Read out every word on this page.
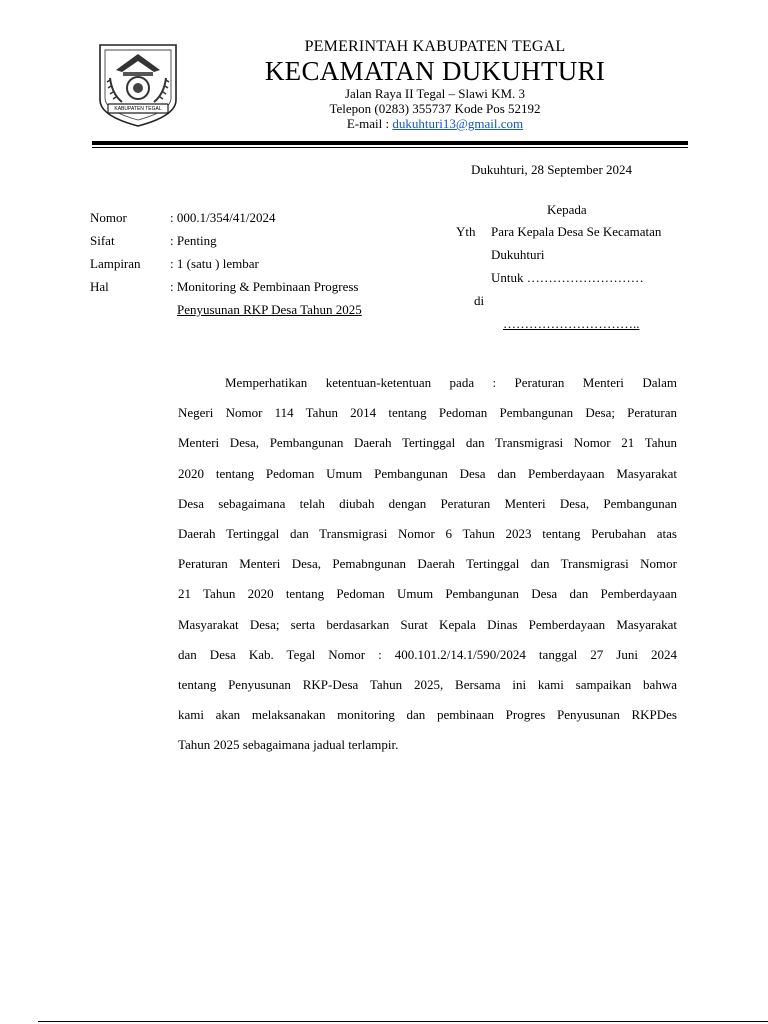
KABUPATEN TEGAL
PEMERINTAH KABUPATEN TEGAL
KECAMATAN DUKUHTURI
Jalan Raya II Tegal – Slawi KM. 3
Telepon (0283) 355737 Kode Pos 52192
E-mail : dukuhturi13@gmail.com
Dukuhturi, 28 September 2024
Nomor	: 000.1/354/41/2024
Sifat	: Penting
Lampiran : 1 (satu ) lembar
Hal	: Monitoring & Pembinaan Progress
Penyusunan RKP Desa Tahun 2025
Kepada
Yth Para Kepala Desa Se Kecamatan
Dukuhturi
Untuk ………………………
di
…………………………..
Memperhatikan ketentuan-ketentuan pada : Peraturan Menteri Dalam
Negeri Nomor 114 Tahun 2014 tentang Pedoman Pembangunan Desa; Peraturan
Menteri Desa, Pembangunan Daerah Tertinggal dan Transmigrasi Nomor 21 Tahun
2020 tentang Pedoman Umum Pembangunan Desa dan Pemberdayaan Masyarakat
Desa sebagaimana telah diubah dengan Peraturan Menteri Desa, Pembangunan
Daerah Tertinggal dan Transmigrasi Nomor 6 Tahun 2023 tentang Perubahan atas
Peraturan Menteri Desa, Pemabngunan Daerah Tertinggal dan Transmigrasi Nomor
21 Tahun 2020 tentang Pedoman Umum Pembangunan Desa dan Pemberdayaan
Masyarakat Desa; serta berdasarkan Surat Kepala Dinas Pemberdayaan Masyarakat
dan Desa Kab. Tegal Nomor : 400.101.2/14.1/590/2024 tanggal 27 Juni 2024
tentang Penyusunan RKP-Desa Tahun 2025, Bersama ini kami sampaikan bahwa
kami akan melaksanakan monitoring dan pembinaan Progres Penyusunan RKPDes
Tahun 2025 sebagaimana jadual terlampir.
